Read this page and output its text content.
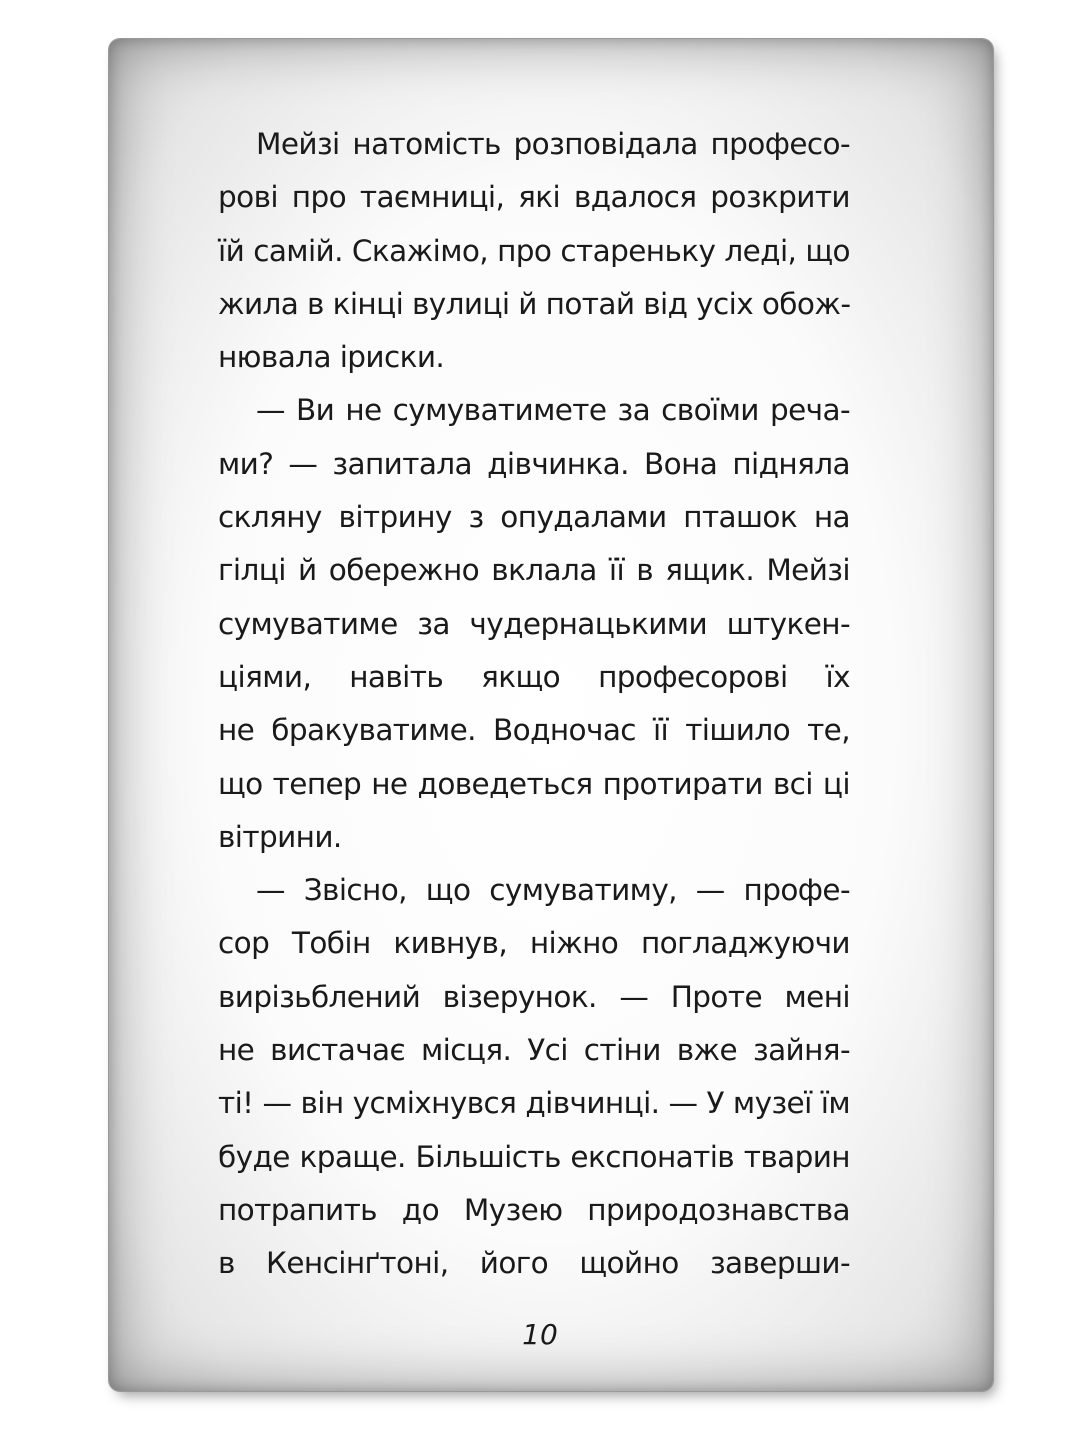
Мейзі натомість розповідала професо-
рові про таємниці, які вдалося розкрити
їй самій. Скажімо, про стареньку леді, що
жила в кінці вулиці й потай від усіх обож-
нювала іриски.
— Ви не сумуватимете за своїми реча-
ми? — запитала дівчинка. Вона підняла
скляну вітрину з опудалами пташок на
гілці й обережно вклала її в ящик. Мейзі
сумуватиме за чудернацькими штукен-
ціями, навіть якщо професорові їх
не бракуватиме. Водночас її тішило те,
що тепер не доведеться протирати всі ці
вітрини.
— Звісно, що сумуватиму, — профе-
сор Тобін кивнув, ніжно погладжуючи
вирізьблений візерунок. — Проте мені
не вистачає місця. Усі стіни вже зайня-
ті! — він усміхнувся дівчинці. — У музеї їм
буде краще. Більшість експонатів тварин
потрапить до Музею природознавства
в Кенсінґтоні, його щойно заверши-
10
